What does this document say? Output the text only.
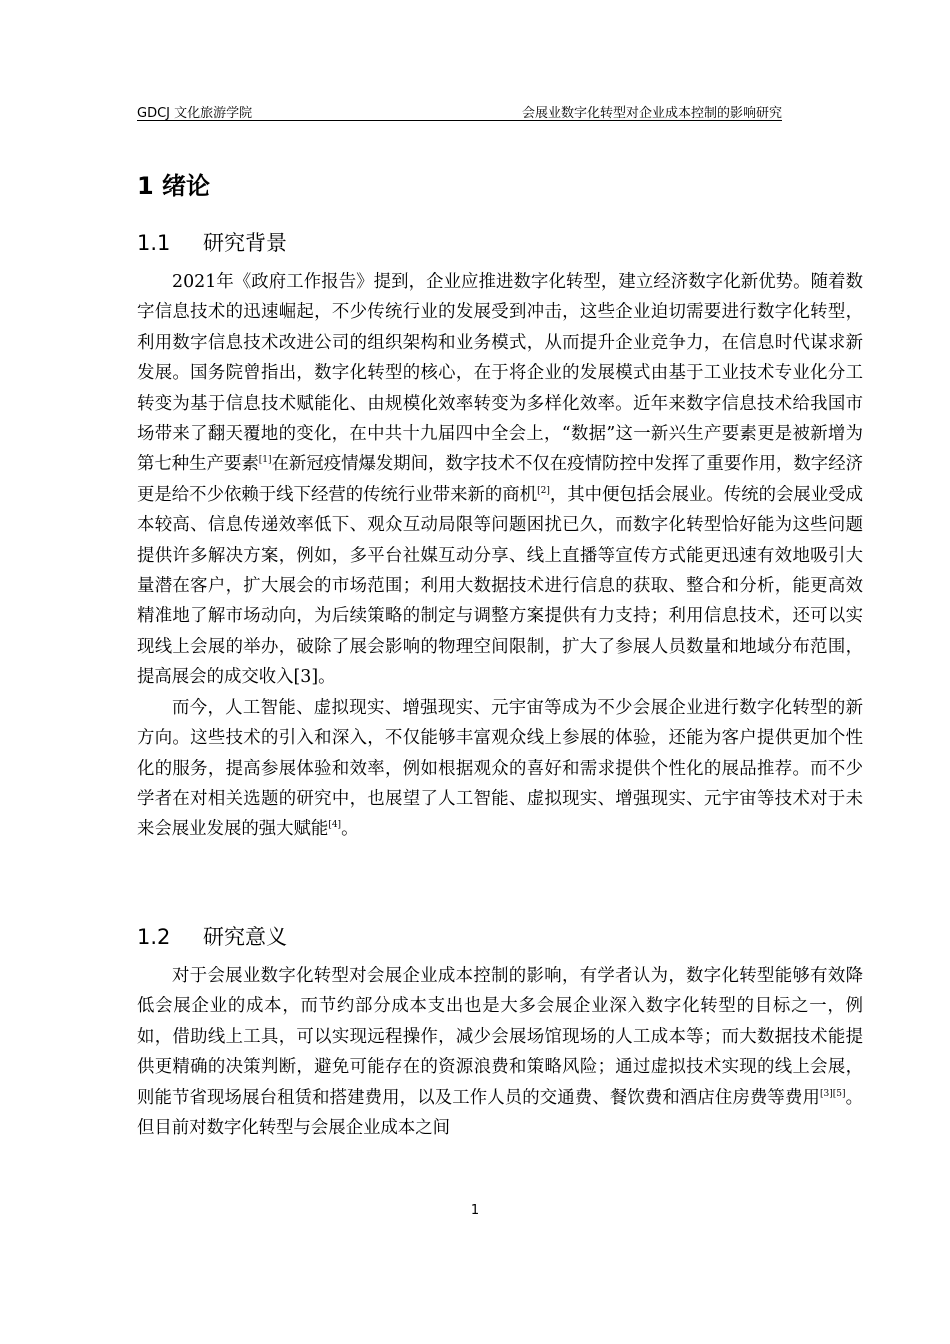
GDCJ 文化旅游学院	会展业数字化转型对企业成本控制的影响研究
1 绪论
1.1 研究背景

2021年《政府工作报告》提到，企业应推进数字化转型，建立经济数字化新优势。随着数字信息技术的迅速崛起，不少传统行业的发展受到冲击，这些企业迫切需要进行数字化转型，利用数字信息技术改进公司的组织架构和业务模式，从而提升企业竞争力，在信息时代谋求新发展。国务院曾指出，数字化转型的核心，在于将企业的发展模式由基于工业技术专业化分工转变为基于信息技术赋能化、由规模化效率转变为多样化效率。近年来数字信息技术给我国市场带来了翻天覆地的变化，在中共十九届四中全会上，“数据”这一新兴生产要素更是被新增为第七种生产要素[1]在新冠疫情爆发期间，数字技术不仅在疫情防控中发挥了重要作用，数字经济更是给不少依赖于线下经营的传统行业带来新的商机[2]，其中便包括会展业。传统的会展业受成本较高、信息传递效率低下、观众互动局限等问题困扰已久，而数字化转型恰好能为这些问题提供许多解决方案，例如，多平台社媒互动分享、线上直播等宣传方式能更迅速有效地吸引大量潜在客户，扩大展会的市场范围；利用大数据技术进行信息的获取、整合和分析，能更高效精准地了解市场动向，为后续策略的制定与调整方案提供有力支持；利用信息技术，还可以实现线上会展的举办，破除了展会影响的物理空间限制，扩大了参展人员数量和地域分布范围，提高展会的成交收入[3]。

而今，人工智能、虚拟现实、增强现实、元宇宙等成为不少会展企业进行数字化转型的新方向。这些技术的引入和深入，不仅能够丰富观众线上参展的体验，还能为客户提供更加个性化的服务，提高参展体验和效率，例如根据观众的喜好和需求提供个性化的展品推荐。而不少学者在对相关选题的研究中，也展望了人工智能、虚拟现实、增强现实、元宇宙等技术对于未来会展业发展的强大赋能[4]。

1.2 研究意义

对于会展业数字化转型对会展企业成本控制的影响，有学者认为，数字化转型能够有效降低会展企业的成本，而节约部分成本支出也是大多会展企业深入数字化转型的目标之一，例如，借助线上工具，可以实现远程操作，减少会展场馆现场的人工成本等；而大数据技术能提供更精确的决策判断，避免可能存在的资源浪费和策略风险；通过虚拟技术实现的线上会展，则能节省现场展台租赁和搭建费用，以及工作人员的交通费、餐饮费和酒店住房费等费用[3][5]。但目前对数字化转型与会展企业成本之间

1
